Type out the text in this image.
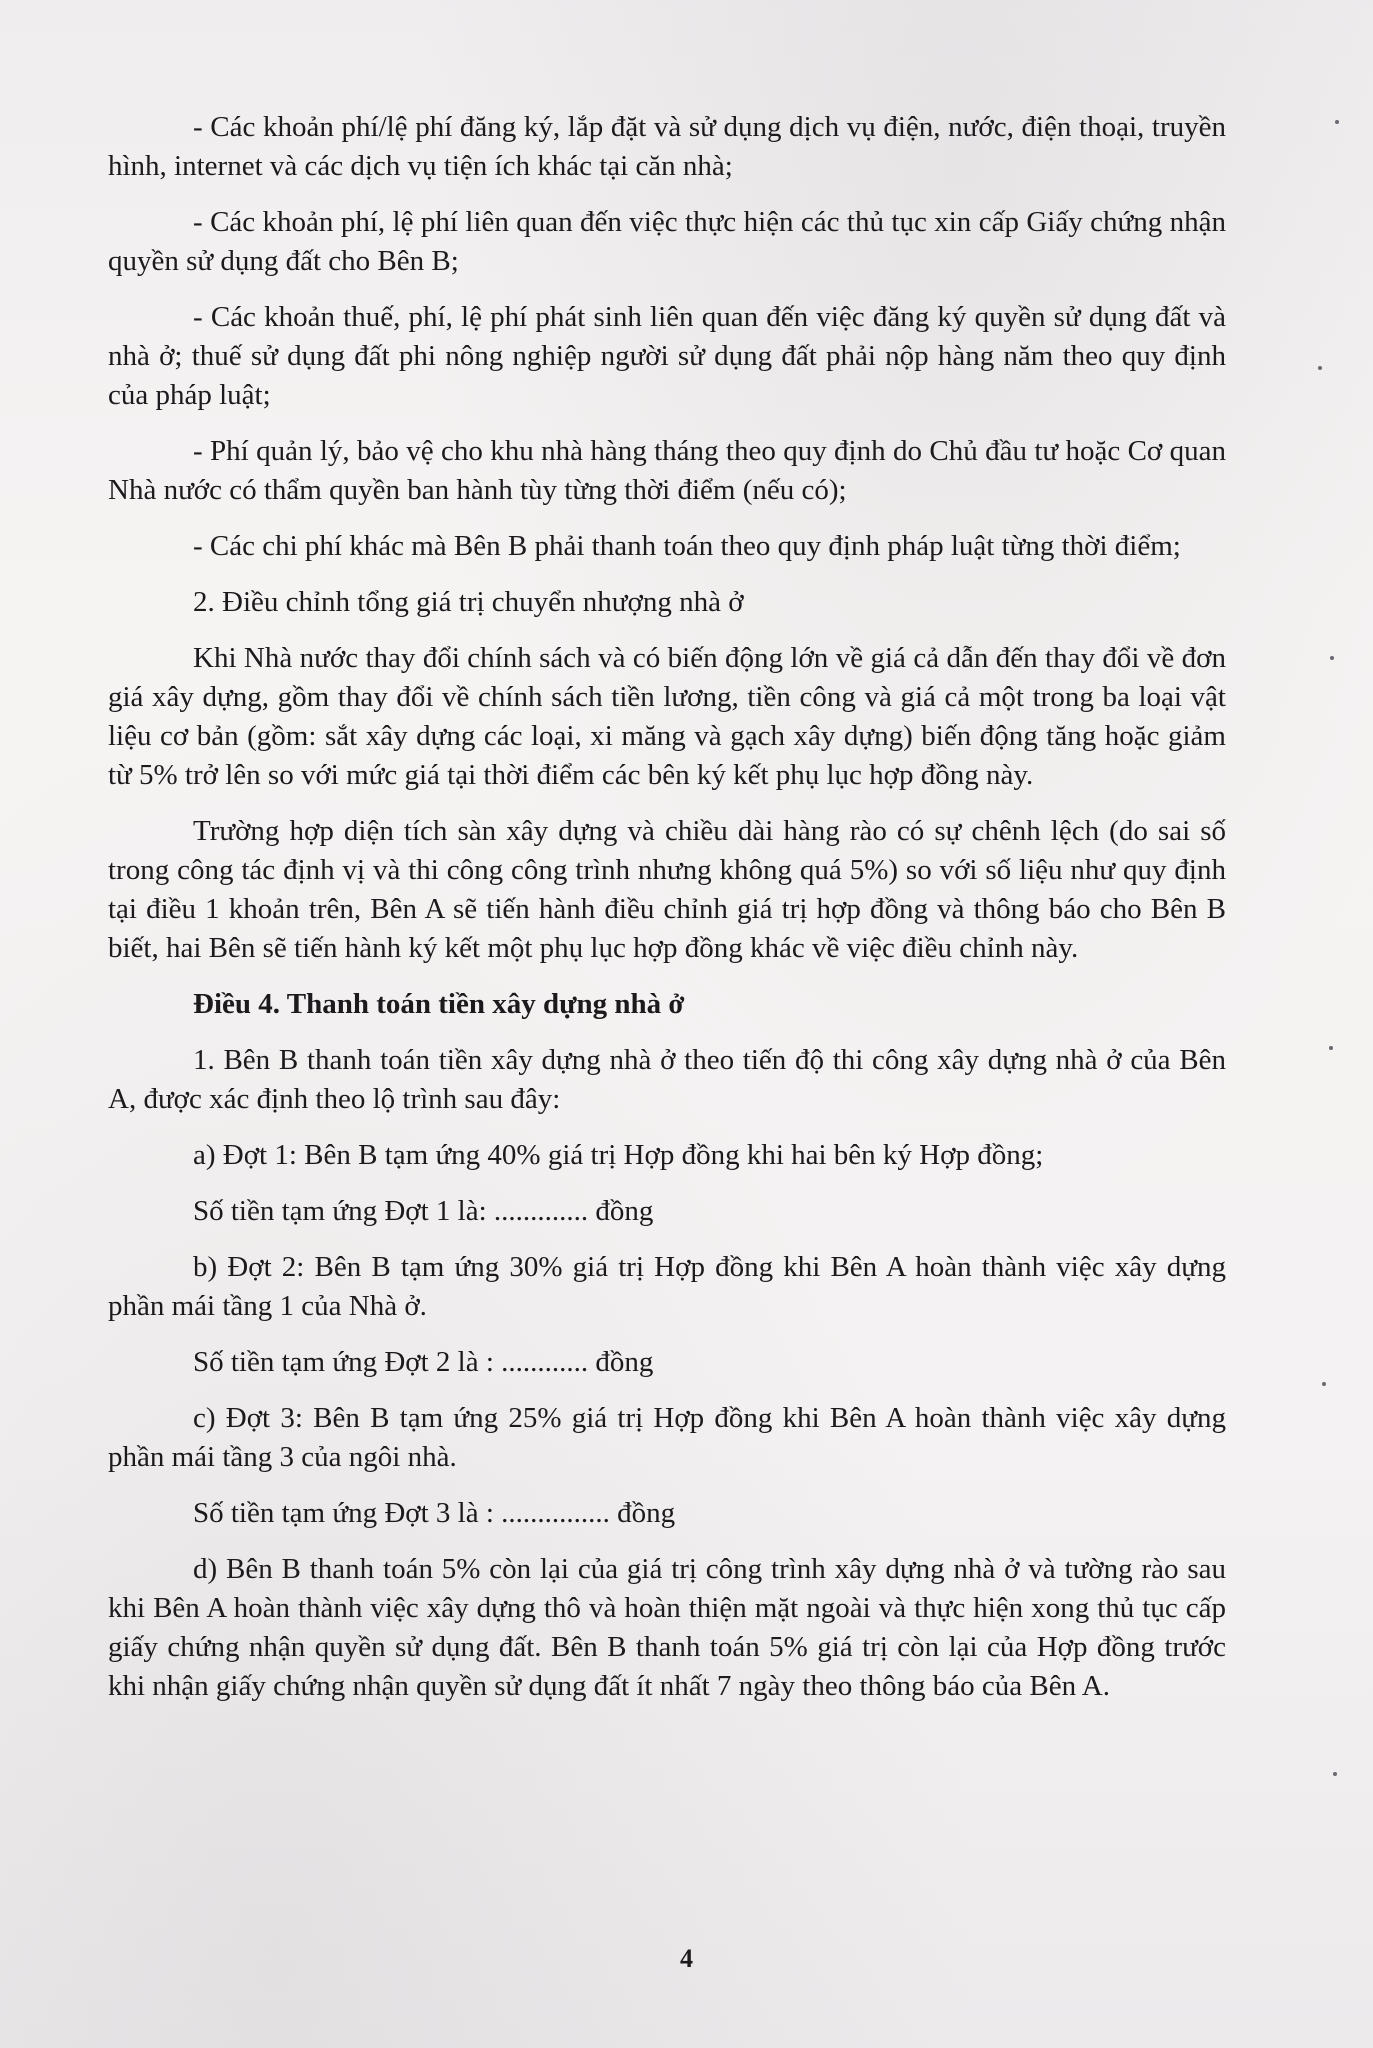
- Các khoản phí/lệ phí đăng ký, lắp đặt và sử dụng dịch vụ điện, nước, điện thoại, truyền hình, internet và các dịch vụ tiện ích khác tại căn nhà;

- Các khoản phí, lệ phí liên quan đến việc thực hiện các thủ tục xin cấp Giấy chứng nhận quyền sử dụng đất cho Bên B;

- Các khoản thuế, phí, lệ phí phát sinh liên quan đến việc đăng ký quyền sử dụng đất và nhà ở; thuế sử dụng đất phi nông nghiệp người sử dụng đất phải nộp hàng năm theo quy định của pháp luật;

- Phí quản lý, bảo vệ cho khu nhà hàng tháng theo quy định do Chủ đầu tư hoặc Cơ quan Nhà nước có thẩm quyền ban hành tùy từng thời điểm (nếu có);

- Các chi phí khác mà Bên B phải thanh toán theo quy định pháp luật từng thời điểm;

2. Điều chỉnh tổng giá trị chuyển nhượng nhà ở

Khi Nhà nước thay đổi chính sách và có biến động lớn về giá cả dẫn đến thay đổi về đơn giá xây dựng, gồm thay đổi về chính sách tiền lương, tiền công và giá cả một trong ba loại vật liệu cơ bản (gồm: sắt xây dựng các loại, xi măng và gạch xây dựng) biến động tăng hoặc giảm từ 5% trở lên so với mức giá tại thời điểm các bên ký kết phụ lục hợp đồng này.

Trường hợp diện tích sàn xây dựng và chiều dài hàng rào có sự chênh lệch (do sai số trong công tác định vị và thi công công trình nhưng không quá 5%) so với số liệu như quy định tại điều 1 khoản trên, Bên A sẽ tiến hành điều chỉnh giá trị hợp đồng và thông báo cho Bên B biết, hai Bên sẽ tiến hành ký kết một phụ lục hợp đồng khác về việc điều chỉnh này.

Điều 4. Thanh toán tiền xây dựng nhà ở

1. Bên B thanh toán tiền xây dựng nhà ở theo tiến độ thi công xây dựng nhà ở của Bên A, được xác định theo lộ trình sau đây:

a) Đợt 1: Bên B tạm ứng 40% giá trị Hợp đồng khi hai bên ký Hợp đồng;

Số tiền tạm ứng Đợt 1 là: ............. đồng

b) Đợt 2: Bên B tạm ứng 30% giá trị Hợp đồng khi Bên A hoàn thành việc xây dựng phần mái tầng 1 của Nhà ở.

Số tiền tạm ứng Đợt 2 là : ............ đồng

c) Đợt 3: Bên B tạm ứng 25% giá trị Hợp đồng khi Bên A hoàn thành việc xây dựng phần mái tầng 3 của ngôi nhà.

Số tiền tạm ứng Đợt 3 là : ............... đồng

d) Bên B thanh toán 5% còn lại của giá trị công trình xây dựng nhà ở và tường rào sau khi Bên A hoàn thành việc xây dựng thô và hoàn thiện mặt ngoài và thực hiện xong thủ tục cấp giấy chứng nhận quyền sử dụng đất. Bên B thanh toán 5% giá trị còn lại của Hợp đồng trước khi nhận giấy chứng nhận quyền sử dụng đất ít nhất 7 ngày theo thông báo của Bên A.

4
